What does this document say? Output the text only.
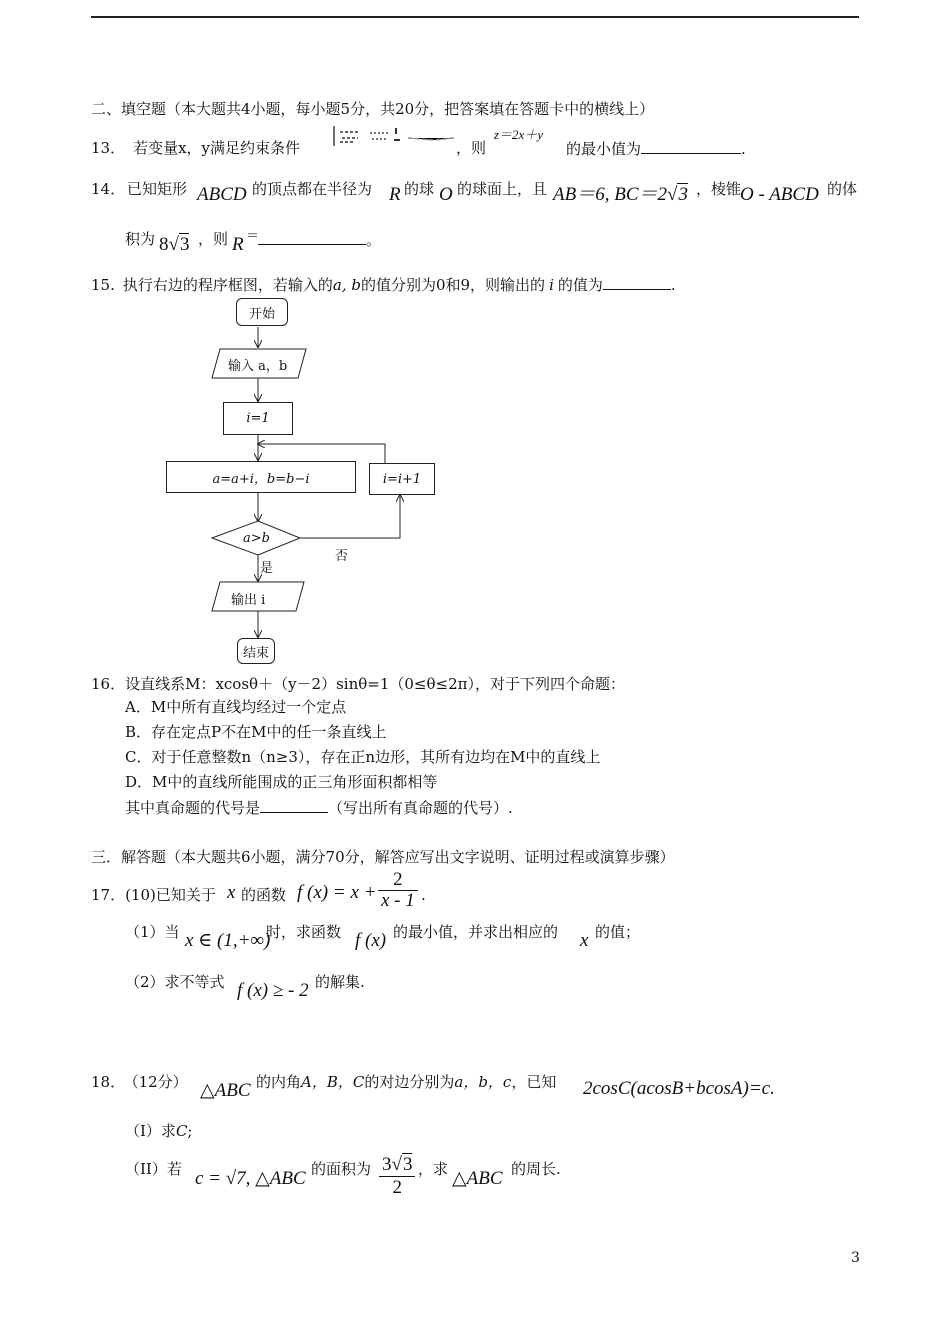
二、填空题（本大题共4小题，每小题5分，共20分，把答案填在答题卡中的横线上）
13． 若变量x，y满足约束条件	，则
z＝2x＋y
的最小值为	.
14． 已知矩形 ABCD 的顶点都在半径为 R 的球 O 的球面上，且 AB＝6, BC＝2√3 ，棱锥
O - ABCD 的体
积为 8√3 ，则 R ＝	。
15. 执行右边的程序框图，若输入的a, b的值分别为0和9，则输出的 i 的值为	.
开始
输入 a，b
i=1
a=a+i，b=b−i	i=i+1
a>b
否
是
输出 i
结束
16．设直线系M：xcosθ＋（y－2）sinθ=1（0≤θ≤2π），对于下列四个命题：
A．M中所有直线均经过一个定点
B．存在定点P不在M中的任一条直线上
C．对于任意整数n（n≥3），存在正n边形，其所有边均在M中的直线上
D．M中的直线所能围成的正三角形面积都相等
其中真命题的代号是	（写出所有真命题的代号）.
三．解答题（本大题共6小题，满分70分，解答应写出文字说明、证明过程或演算步骤）
17．(10)已知关于 x 的函数 f $(x) = x + \frac{2}{x - 1}$ .
（1）当 x ∈ (1,+∞)
时，求函数 f (x) 的最小值，并求出相应的 x 的值；
（2）求不等式 f (x) ≥ - 2 的解集.
18． （12分） △ABC 的内角A，B，C的对边分别为a，b，c，已知 2cosC(acosB+bcosA)=c.
（I）求C;
（II）若 c = √7, △ABC 的面积为 $\frac{3√3}{2}$ ，求 △ABC 的周长.
3
